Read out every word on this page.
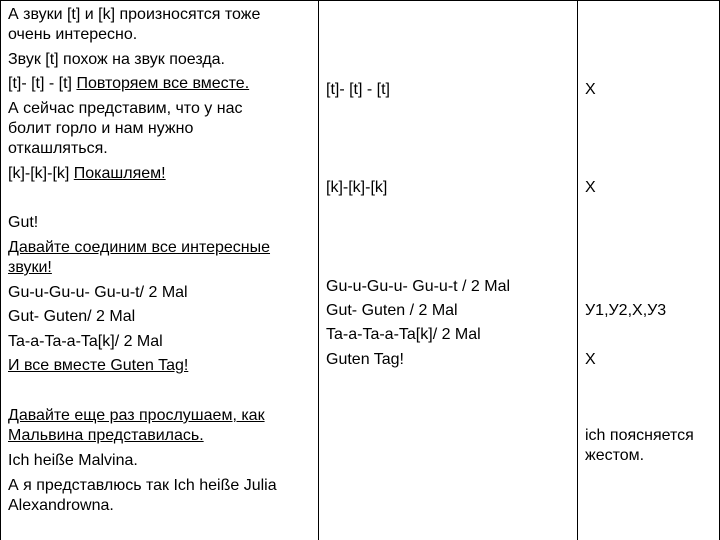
А звуки [t] и [k] произносятся тоже
очень интересно.
Звук [t] похож на звук поезда.
[t]- [t] - [t] Повторяем все вместе.
А сейчас представим, что у нас
болит горло и нам нужно
откашляться.
[k]-[k]-[k] Покашляем!
Gut!
Давайте соединим все интересные
звуки!
Gu-u-Gu-u- Gu-u-t/ 2 Mal
Gut- Guten/ 2 Mal
Ta-a-Ta-a-Ta[k]/ 2 Mal
И все вместе Guten Tag!
Давайте еще раз прослушаем, как
Мальвина представилась.
Ich heiße Malvina.
А я представлюсь так Ich heiße Julia
Alexandrowna.
[t]- [t] - [t]
[k]-[k]-[k]
Gu-u-Gu-u- Gu-u-t / 2 Mal
Gut- Guten / 2 Mal
Ta-a-Ta-a-Ta[k]/ 2 Mal
Guten Tag!
X
X
У1,У2,Х,У3
Х
ich поясняется
жестом.
